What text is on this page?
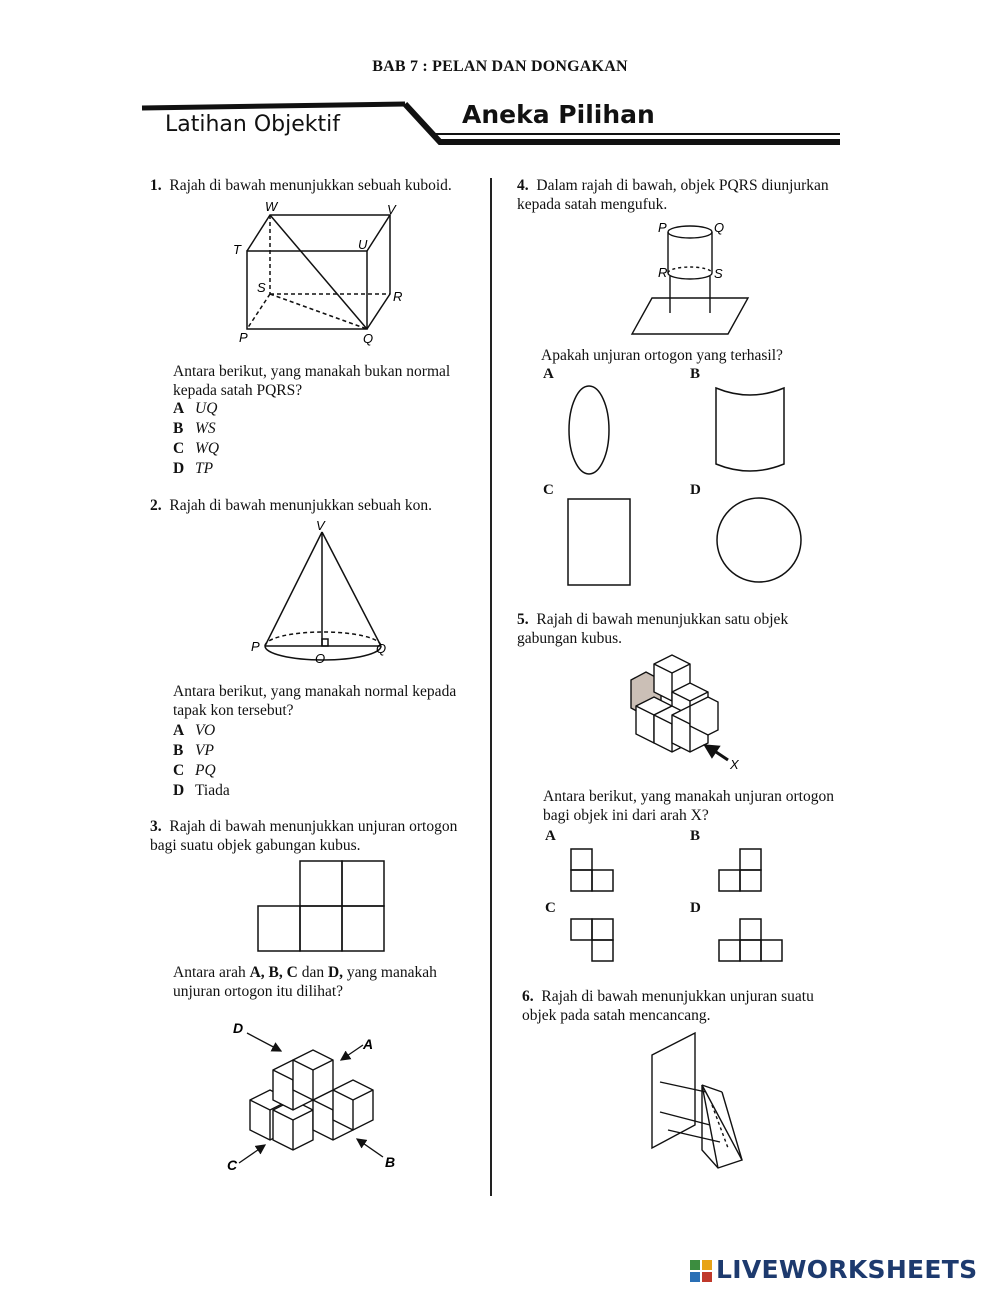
BAB 7 : PELAN DAN DONGAKAN
Latihan Objektif	Aneka Pilihan
1. Rajah di bawah menunjukkan sebuah kuboid.
W	V
T	U
S
R
P	Q
Antara berikut, yang manakah bukan normal kepada satah PQRS?
A UQ
B WS
C WQ
D TP
2. Rajah di bawah menunjukkan sebuah kon.
V
P
O
Q
Antara berikut, yang manakah normal kepada tapak kon tersebut?
A VO
B VP
C PQ
D Tiada
3. Rajah di bawah menunjukkan unjuran ortogon bagi suatu objek gabungan kubus.
Antara arah A, B, C dan D, yang manakah unjuran ortogon itu dilihat?
D
A
C	B
4. Dalam rajah di bawah, objek PQRS diunjurkan kepada satah mengufuk.
P	Q
R	S
Apakah unjuran ortogon yang terhasil?
A	B
C	D
5. Rajah di bawah menunjukkan satu objek gabungan kubus.
X
Antara berikut, yang manakah unjuran ortogon bagi objek ini dari arah X?
A	B
C	D
6. Rajah di bawah menunjukkan unjuran suatu objek pada satah mencancang.
LIVEWORKSHEETS
